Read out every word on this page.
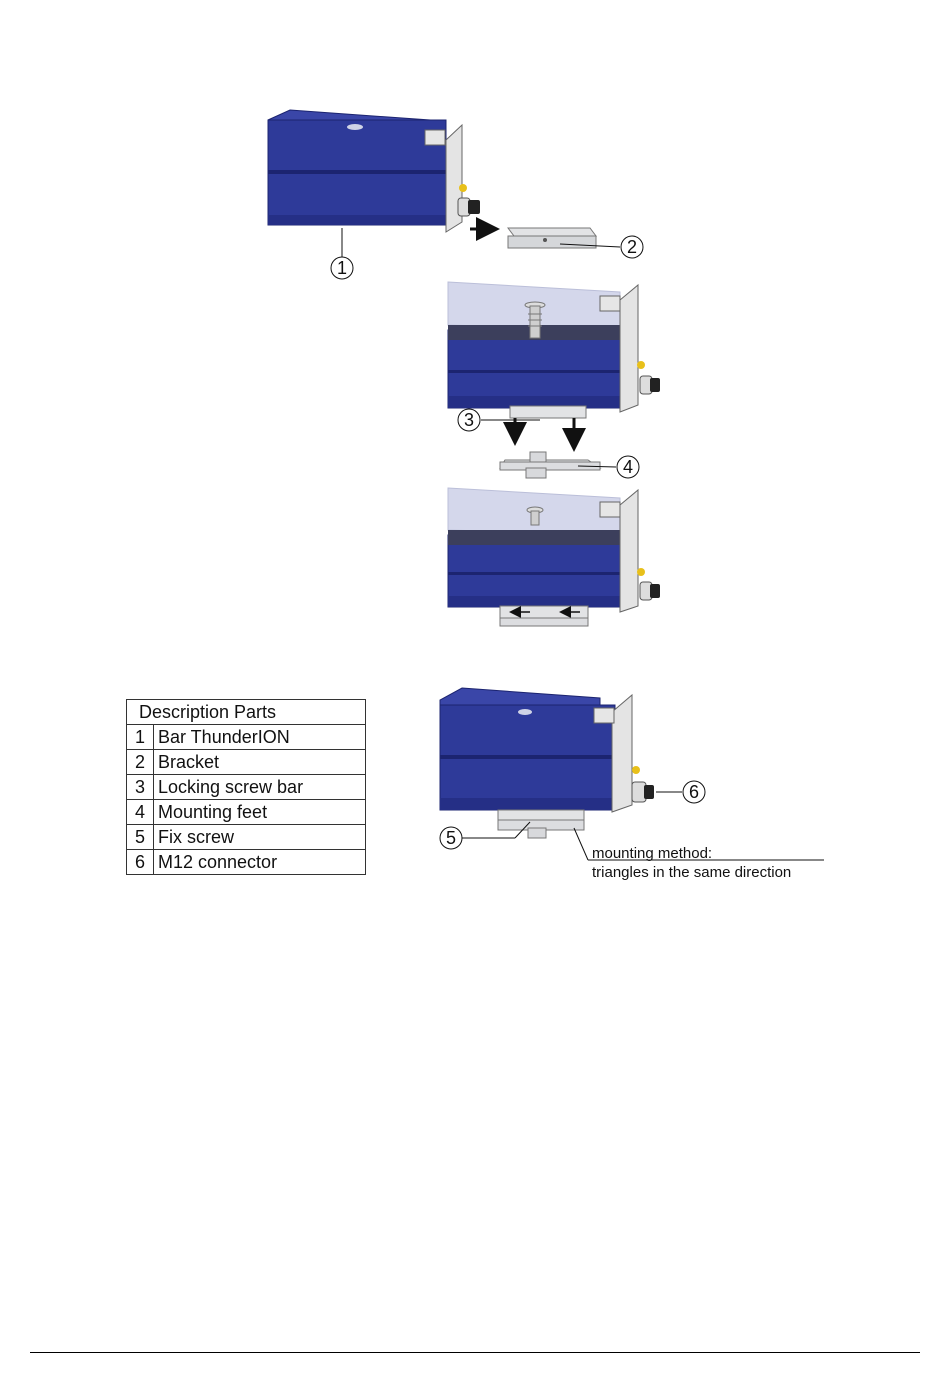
1
2
3
4
6
5
mounting method:
triangles in the same direction
Description Parts	
1	Bar ThunderION
2	Bracket
3	Locking screw bar
4	Mounting feet
5	Fix screw
6	M12 connector
